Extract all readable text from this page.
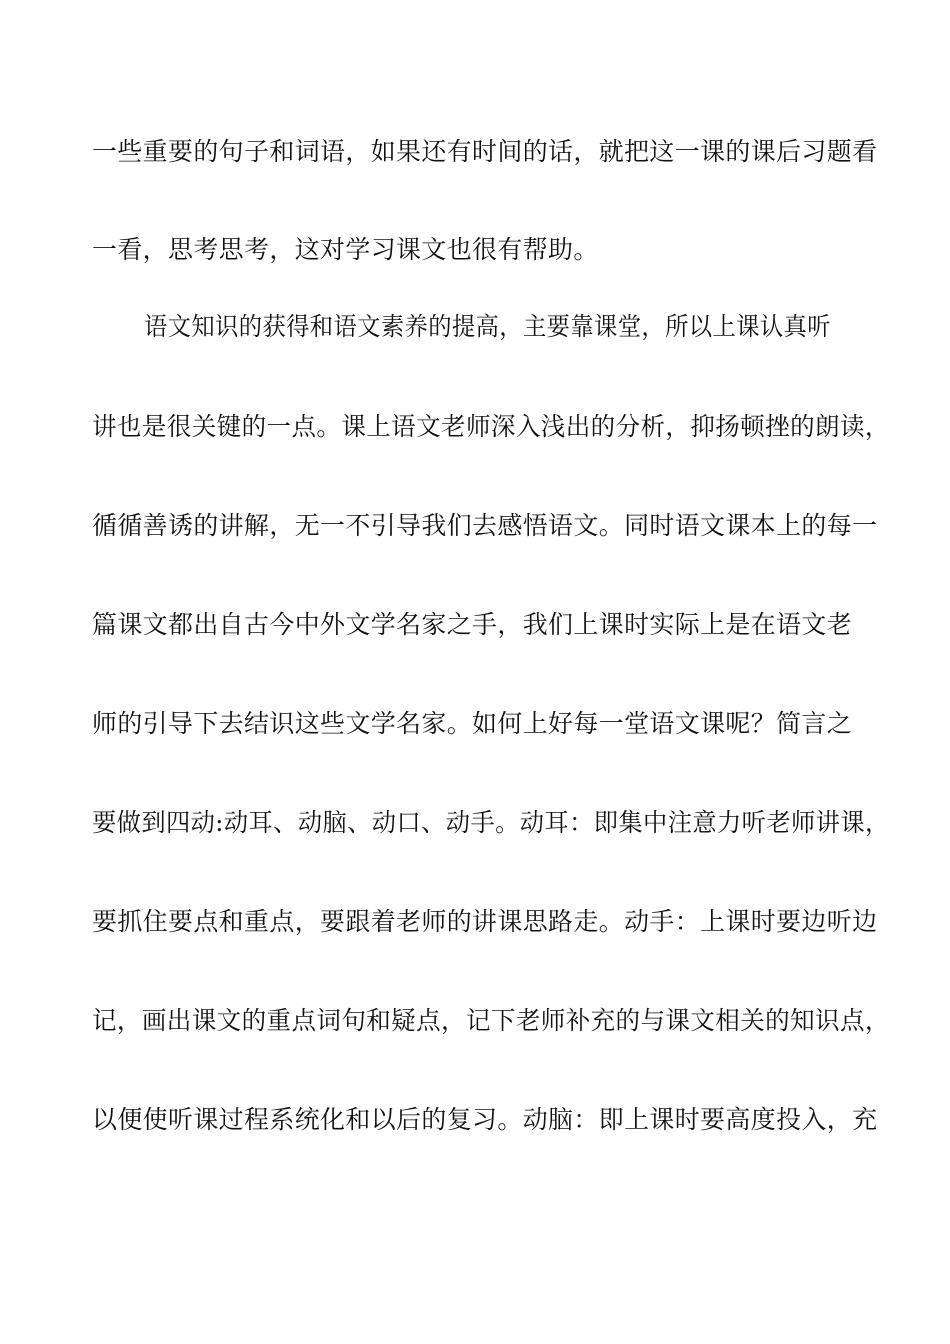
一些重要的句子和词语，如果还有时间的话，就把这一课的课后习题看
一看，思考思考，这对学习课文也很有帮助。
语文知识的获得和语文素养的提高，主要靠课堂，所以上课认真听
讲也是很关键的一点。课上语文老师深入浅出的分析，抑扬顿挫的朗读，
循循善诱的讲解，无一不引导我们去感悟语文。同时语文课本上的每一
篇课文都出自古今中外文学名家之手，我们上课时实际上是在语文老
师的引导下去结识这些文学名家。如何上好每一堂语文课呢？简言之
要做到四动:动耳、动脑、动口、动手。动耳：即集中注意力听老师讲课，
要抓住要点和重点，要跟着老师的讲课思路走。动手：上课时要边听边
记，画出课文的重点词句和疑点，记下老师补充的与课文相关的知识点，
以便使听课过程系统化和以后的复习。动脑：即上课时要高度投入，充
